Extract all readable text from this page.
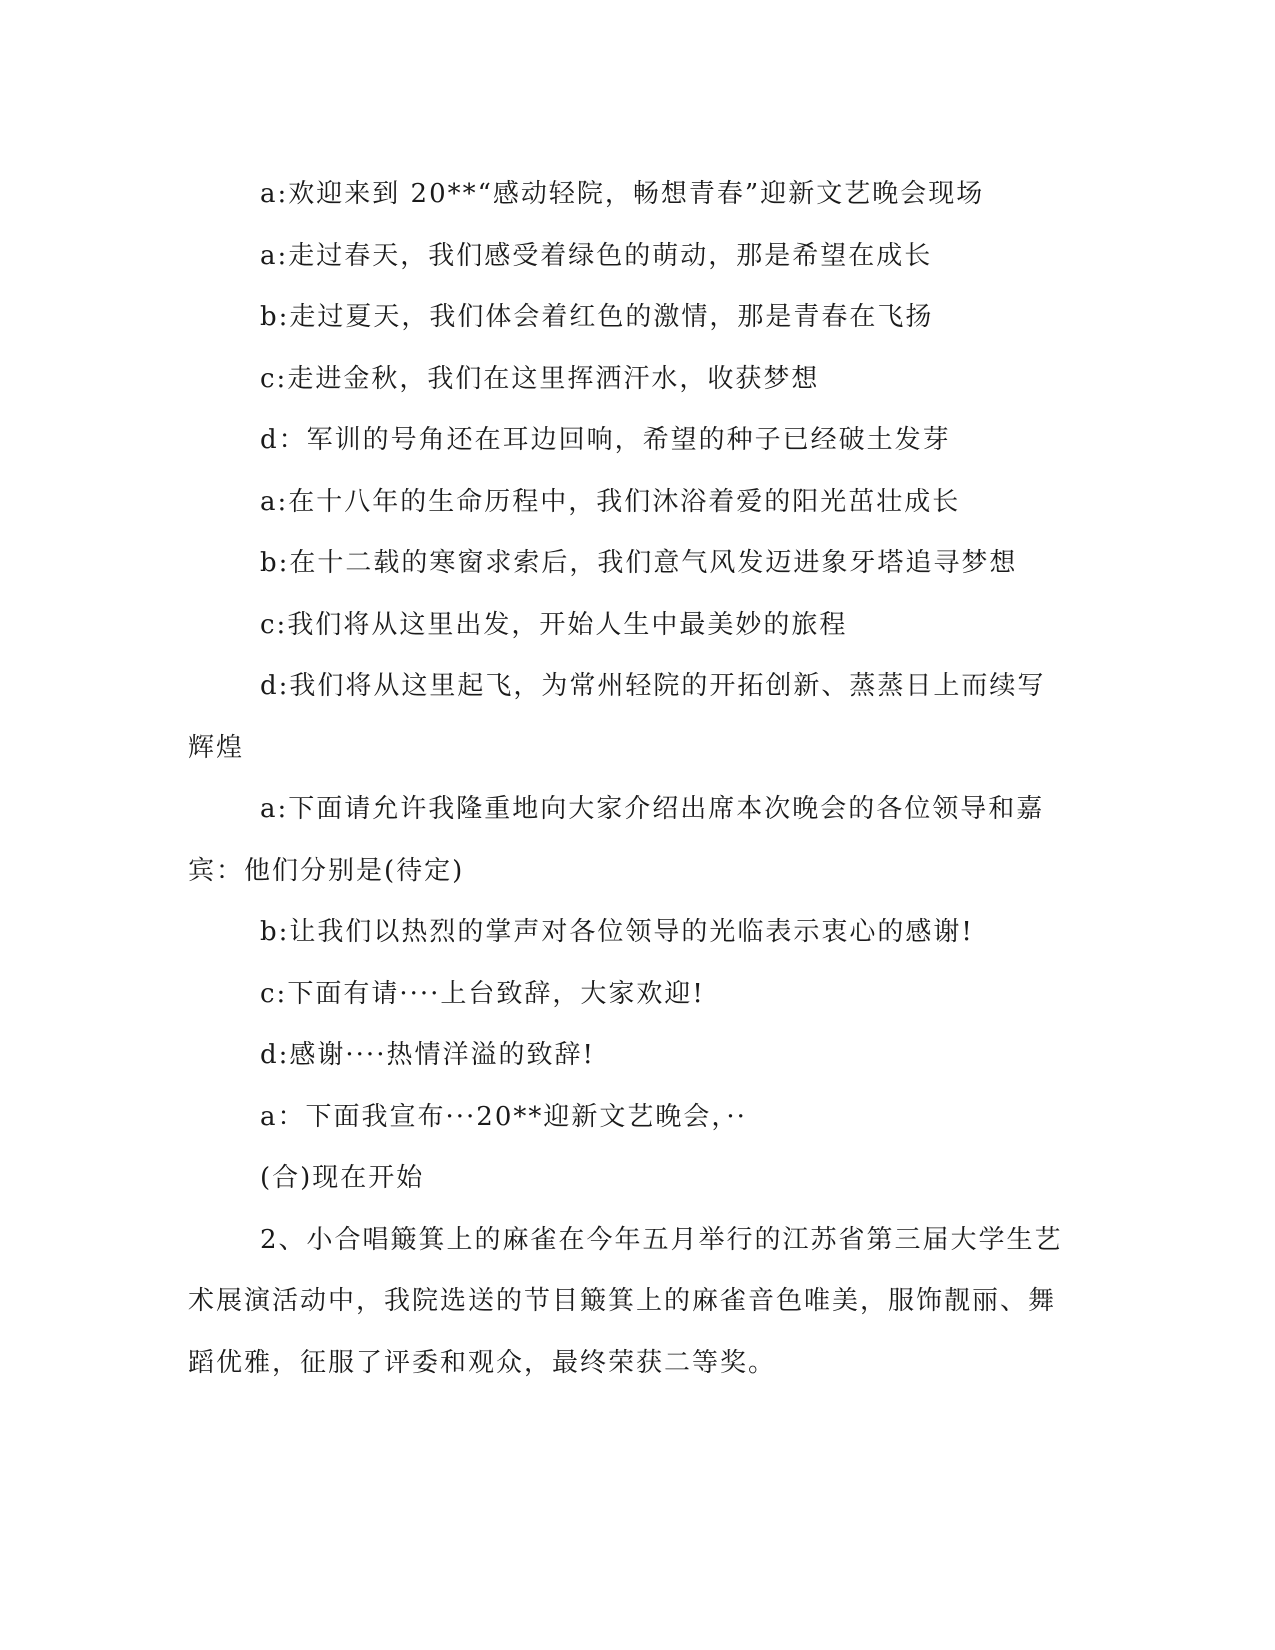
a:欢迎来到 20**“感动轻院，畅想青春”迎新文艺晚会现场

a:走过春天，我们感受着绿色的萌动，那是希望在成长

b:走过夏天，我们体会着红色的激情，那是青春在飞扬

c:走进金秋，我们在这里挥洒汗水，收获梦想

d：军训的号角还在耳边回响，希望的种子已经破土发芽

a:在十八年的生命历程中，我们沐浴着爱的阳光茁壮成长

b:在十二载的寒窗求索后，我们意气风发迈进象牙塔追寻梦想

c:我们将从这里出发，开始人生中最美妙的旅程

d:我们将从这里起飞，为常州轻院的开拓创新、蒸蒸日上而续写辉煌

a:下面请允许我隆重地向大家介绍出席本次晚会的各位领导和嘉宾：他们分别是(待定)

b:让我们以热烈的掌声对各位领导的光临表示衷心的感谢!

c:下面有请····上台致辞，大家欢迎!

d:感谢····热情洋溢的致辞!

a：下面我宣布···20**迎新文艺晚会，··

(合)现在开始

2、小合唱簸箕上的麻雀在今年五月举行的江苏省第三届大学生艺术展演活动中，我院选送的节目簸箕上的麻雀音色唯美，服饰靓丽、舞蹈优雅，征服了评委和观众，最终荣获二等奖。
